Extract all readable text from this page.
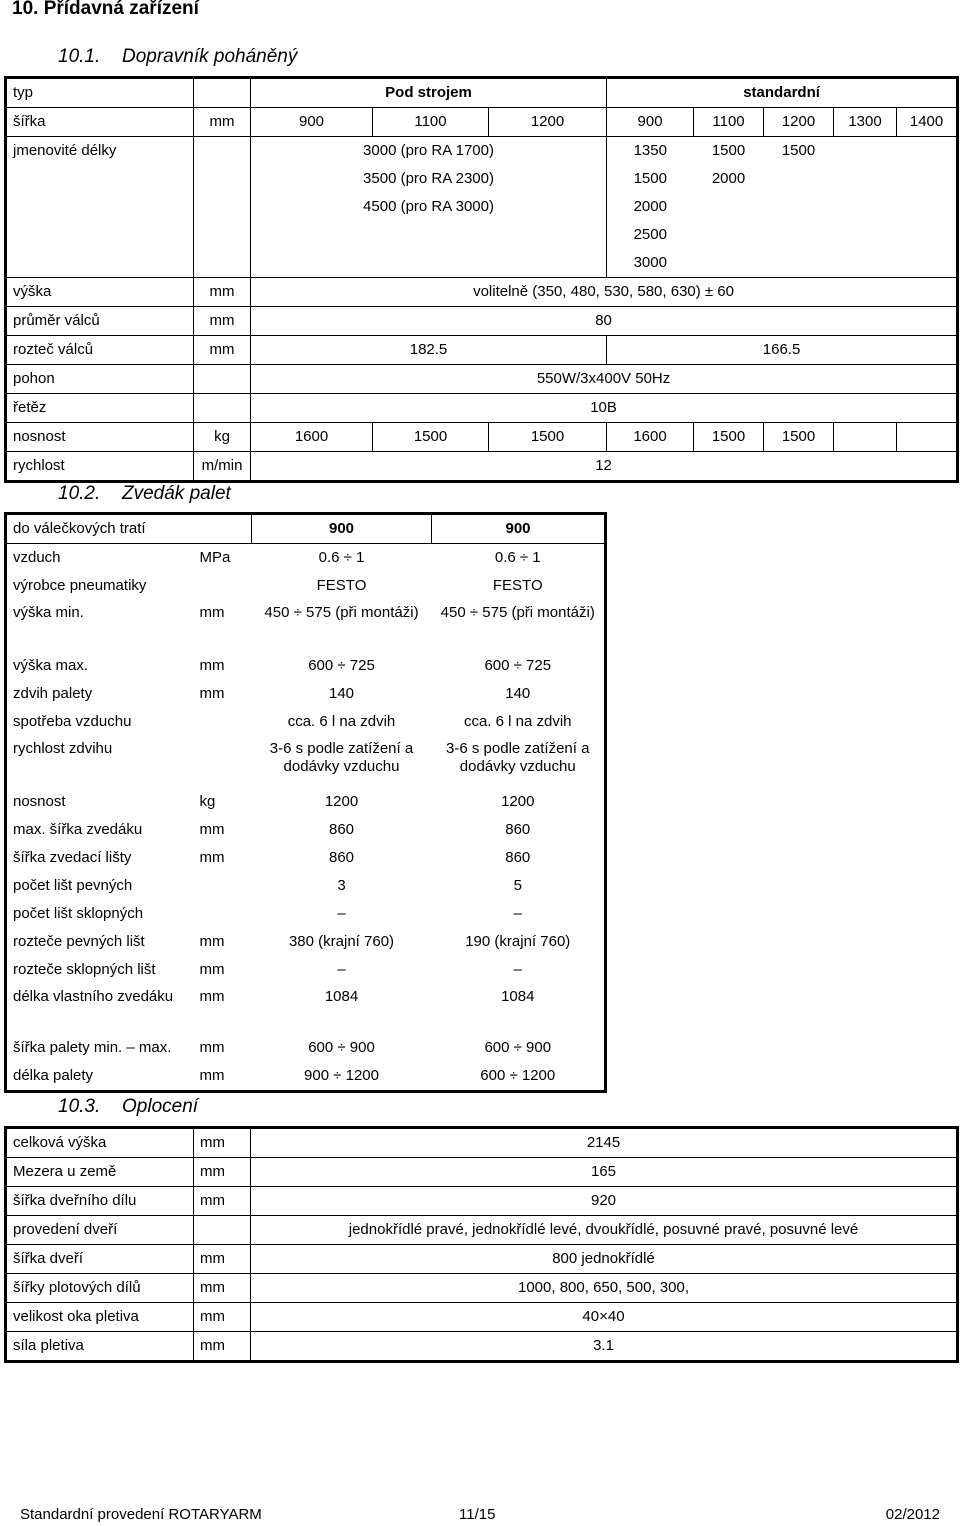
10. Přídavná zařízení
10.1. Dopravník poháněný
typ		Pod strojem			standardní				
šířka	mm	900	1100	1200	900	1100	1200	1300	1400
jmenovité délky		3000 (pro RA 1700)			1350	1500	1500		
		3500 (pro RA 2300)			1500	2000			
		4500 (pro RA 3000)			2000				
					2500				
					3000				
výška	mm	volitelně (350, 480, 530, 580, 630) ± 60							
průměr válců	mm	80							
rozteč válců	mm	182.5			166.5				
pohon		550W/3x400V 50Hz							
řetěz		10B							
nosnost	kg	1600	1500	1500	1600	1500	1500		
rychlost	m/min	12							
10.2. Zvedák palet
do válečkových tratí		900	900
vzduch	MPa	0.6 ÷ 1	0.6 ÷ 1
výrobce pneumatiky		FESTO	FESTO
výška min.	mm	450 ÷ 575 (při montáži)	450 ÷ 575 (při montáži)
výška max.	mm	600 ÷ 725	600 ÷ 725
zdvih palety	mm	140	140
spotřeba vzduchu		cca. 6 l na zdvih	cca. 6 l na zdvih
rychlost zdvihu		3-6 s podle zatížení a dodávky vzduchu	3-6 s podle zatížení a dodávky vzduchu
nosnost	kg	1200	1200
max. šířka zvedáku	mm	860	860
šířka zvedací lišty	mm	860	860
počet lišt pevných		3	5
počet lišt sklopných		–	–
rozteče pevných lišt	mm	380 (krajní 760)	190 (krajní 760)
rozteče sklopných lišt	mm	–	–
délka vlastního zvedáku	mm	1084	1084
šířka palety min. – max.	mm	600 ÷ 900	600 ÷ 900
délka palety	mm	900 ÷ 1200	600 ÷ 1200
10.3. Oplocení
celková výška	mm	2145
Mezera u země	mm	165
šířka dveřního dílu	mm	920
provedení dveří		jednokřídlé pravé, jednokřídlé levé, dvoukřídlé, posuvné pravé, posuvné levé
šířka dveří	mm	800 jednokřídlé
šířky plotových dílů	mm	1000, 800, 650, 500, 300,
velikost oka pletiva	mm	40×40
síla pletiva	mm	3.1
Standardní provedení ROTARYARM	11/15	02/2012
